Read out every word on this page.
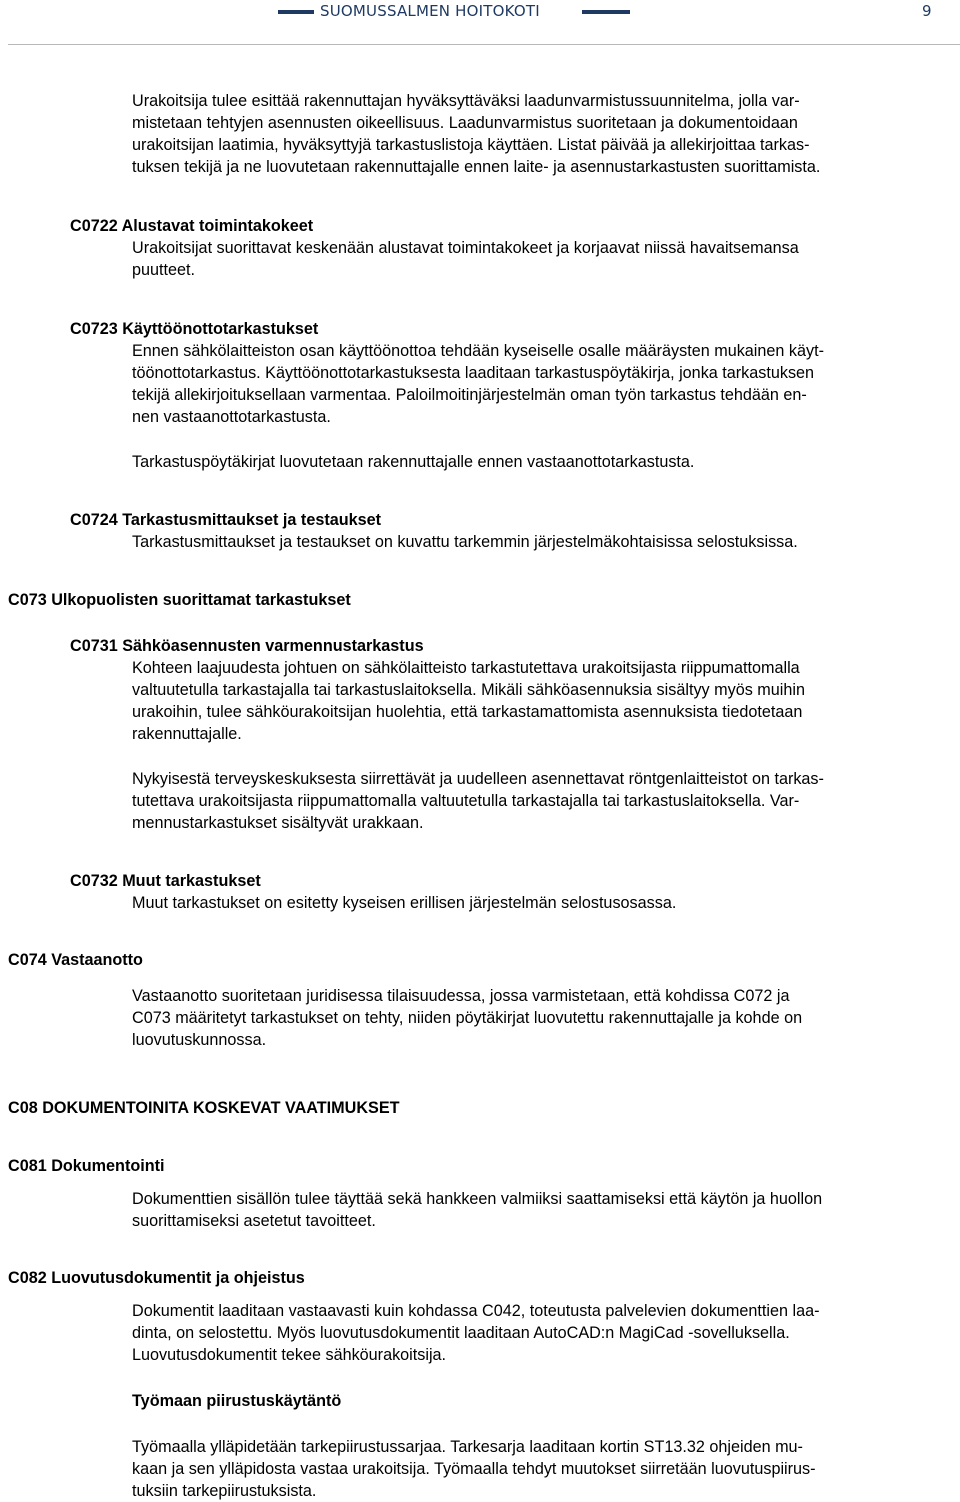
SUOMUSSALMEN HOITOKOTI	9

Urakoitsija tulee esittää rakennuttajan hyväksyttäväksi laadunvarmistussuunnitelma, jolla var-

mistetaan tehtyjen asennusten oikeellisuus. Laadunvarmistus suoritetaan ja dokumentoidaan

urakoitsijan laatimia, hyväksyttyjä tarkastuslistoja käyttäen. Listat päivää ja allekirjoittaa tarkas-

tuksen tekijä ja ne luovutetaan rakennuttajalle ennen laite- ja asennustarkastusten suorittamista.

C0722 Alustavat toimintakokeet

Urakoitsijat suorittavat keskenään alustavat toimintakokeet ja korjaavat niissä havaitsemansa

puutteet.

C0723 Käyttöönottotarkastukset

Ennen sähkölaitteiston osan käyttöönottoa tehdään kyseiselle osalle määräysten mukainen käyt-

töönottotarkastus. Käyttöönottotarkastuksesta laaditaan tarkastuspöytäkirja, jonka tarkastuksen

tekijä allekirjoituksellaan varmentaa. Paloilmoitinjärjestelmän oman työn tarkastus tehdään en-

nen vastaanottotarkastusta.

Tarkastuspöytäkirjat luovutetaan rakennuttajalle ennen vastaanottotarkastusta.

C0724 Tarkastusmittaukset ja testaukset

Tarkastusmittaukset ja testaukset on kuvattu tarkemmin järjestelmäkohtaisissa selostuksissa.

C073 Ulkopuolisten suorittamat tarkastukset

C0731 Sähköasennusten varmennustarkastus

Kohteen laajuudesta johtuen on sähkölaitteisto tarkastutettava urakoitsijasta riippumattomalla

valtuutetulla tarkastajalla tai tarkastuslaitoksella. Mikäli sähköasennuksia sisältyy myös muihin

urakoihin, tulee sähköurakoitsijan huolehtia, että tarkastamattomista asennuksista tiedotetaan

rakennuttajalle.

Nykyisestä terveyskeskuksesta siirrettävät ja uudelleen asennettavat röntgenlaitteistot on tarkas-

tutettava urakoitsijasta riippumattomalla valtuutetulla tarkastajalla tai tarkastuslaitoksella. Var-

mennustarkastukset sisältyvät urakkaan.

C0732 Muut tarkastukset

Muut tarkastukset on esitetty kyseisen erillisen järjestelmän selostusosassa.

C074 Vastaanotto

Vastaanotto suoritetaan juridisessa tilaisuudessa, jossa varmistetaan, että kohdissa C072 ja

C073 määritetyt tarkastukset on tehty, niiden pöytäkirjat luovutettu rakennuttajalle ja kohde on

luovutuskunnossa.

C08 DOKUMENTOINITA KOSKEVAT VAATIMUKSET
C081 Dokumentointi

Dokumenttien sisällön tulee täyttää sekä hankkeen valmiiksi saattamiseksi että käytön ja huollon

suorittamiseksi asetetut tavoitteet.

C082 Luovutusdokumentit ja ohjeistus

Dokumentit laaditaan vastaavasti kuin kohdassa C042, toteutusta palvelevien dokumenttien laa-

dinta, on selostettu. Myös luovutusdokumentit laaditaan AutoCAD:n MagiCad -sovelluksella.

Luovutusdokumentit tekee sähköurakoitsija.

Työmaan piirustuskäytäntö

Työmaalla ylläpidetään tarkepiirustussarjaa. Tarkesarja laaditaan kortin ST13.32 ohjeiden mu-

kaan ja sen ylläpidosta vastaa urakoitsija. Työmaalla tehdyt muutokset siirretään luovutuspiirus-

tuksiin tarkepiirustuksista.
